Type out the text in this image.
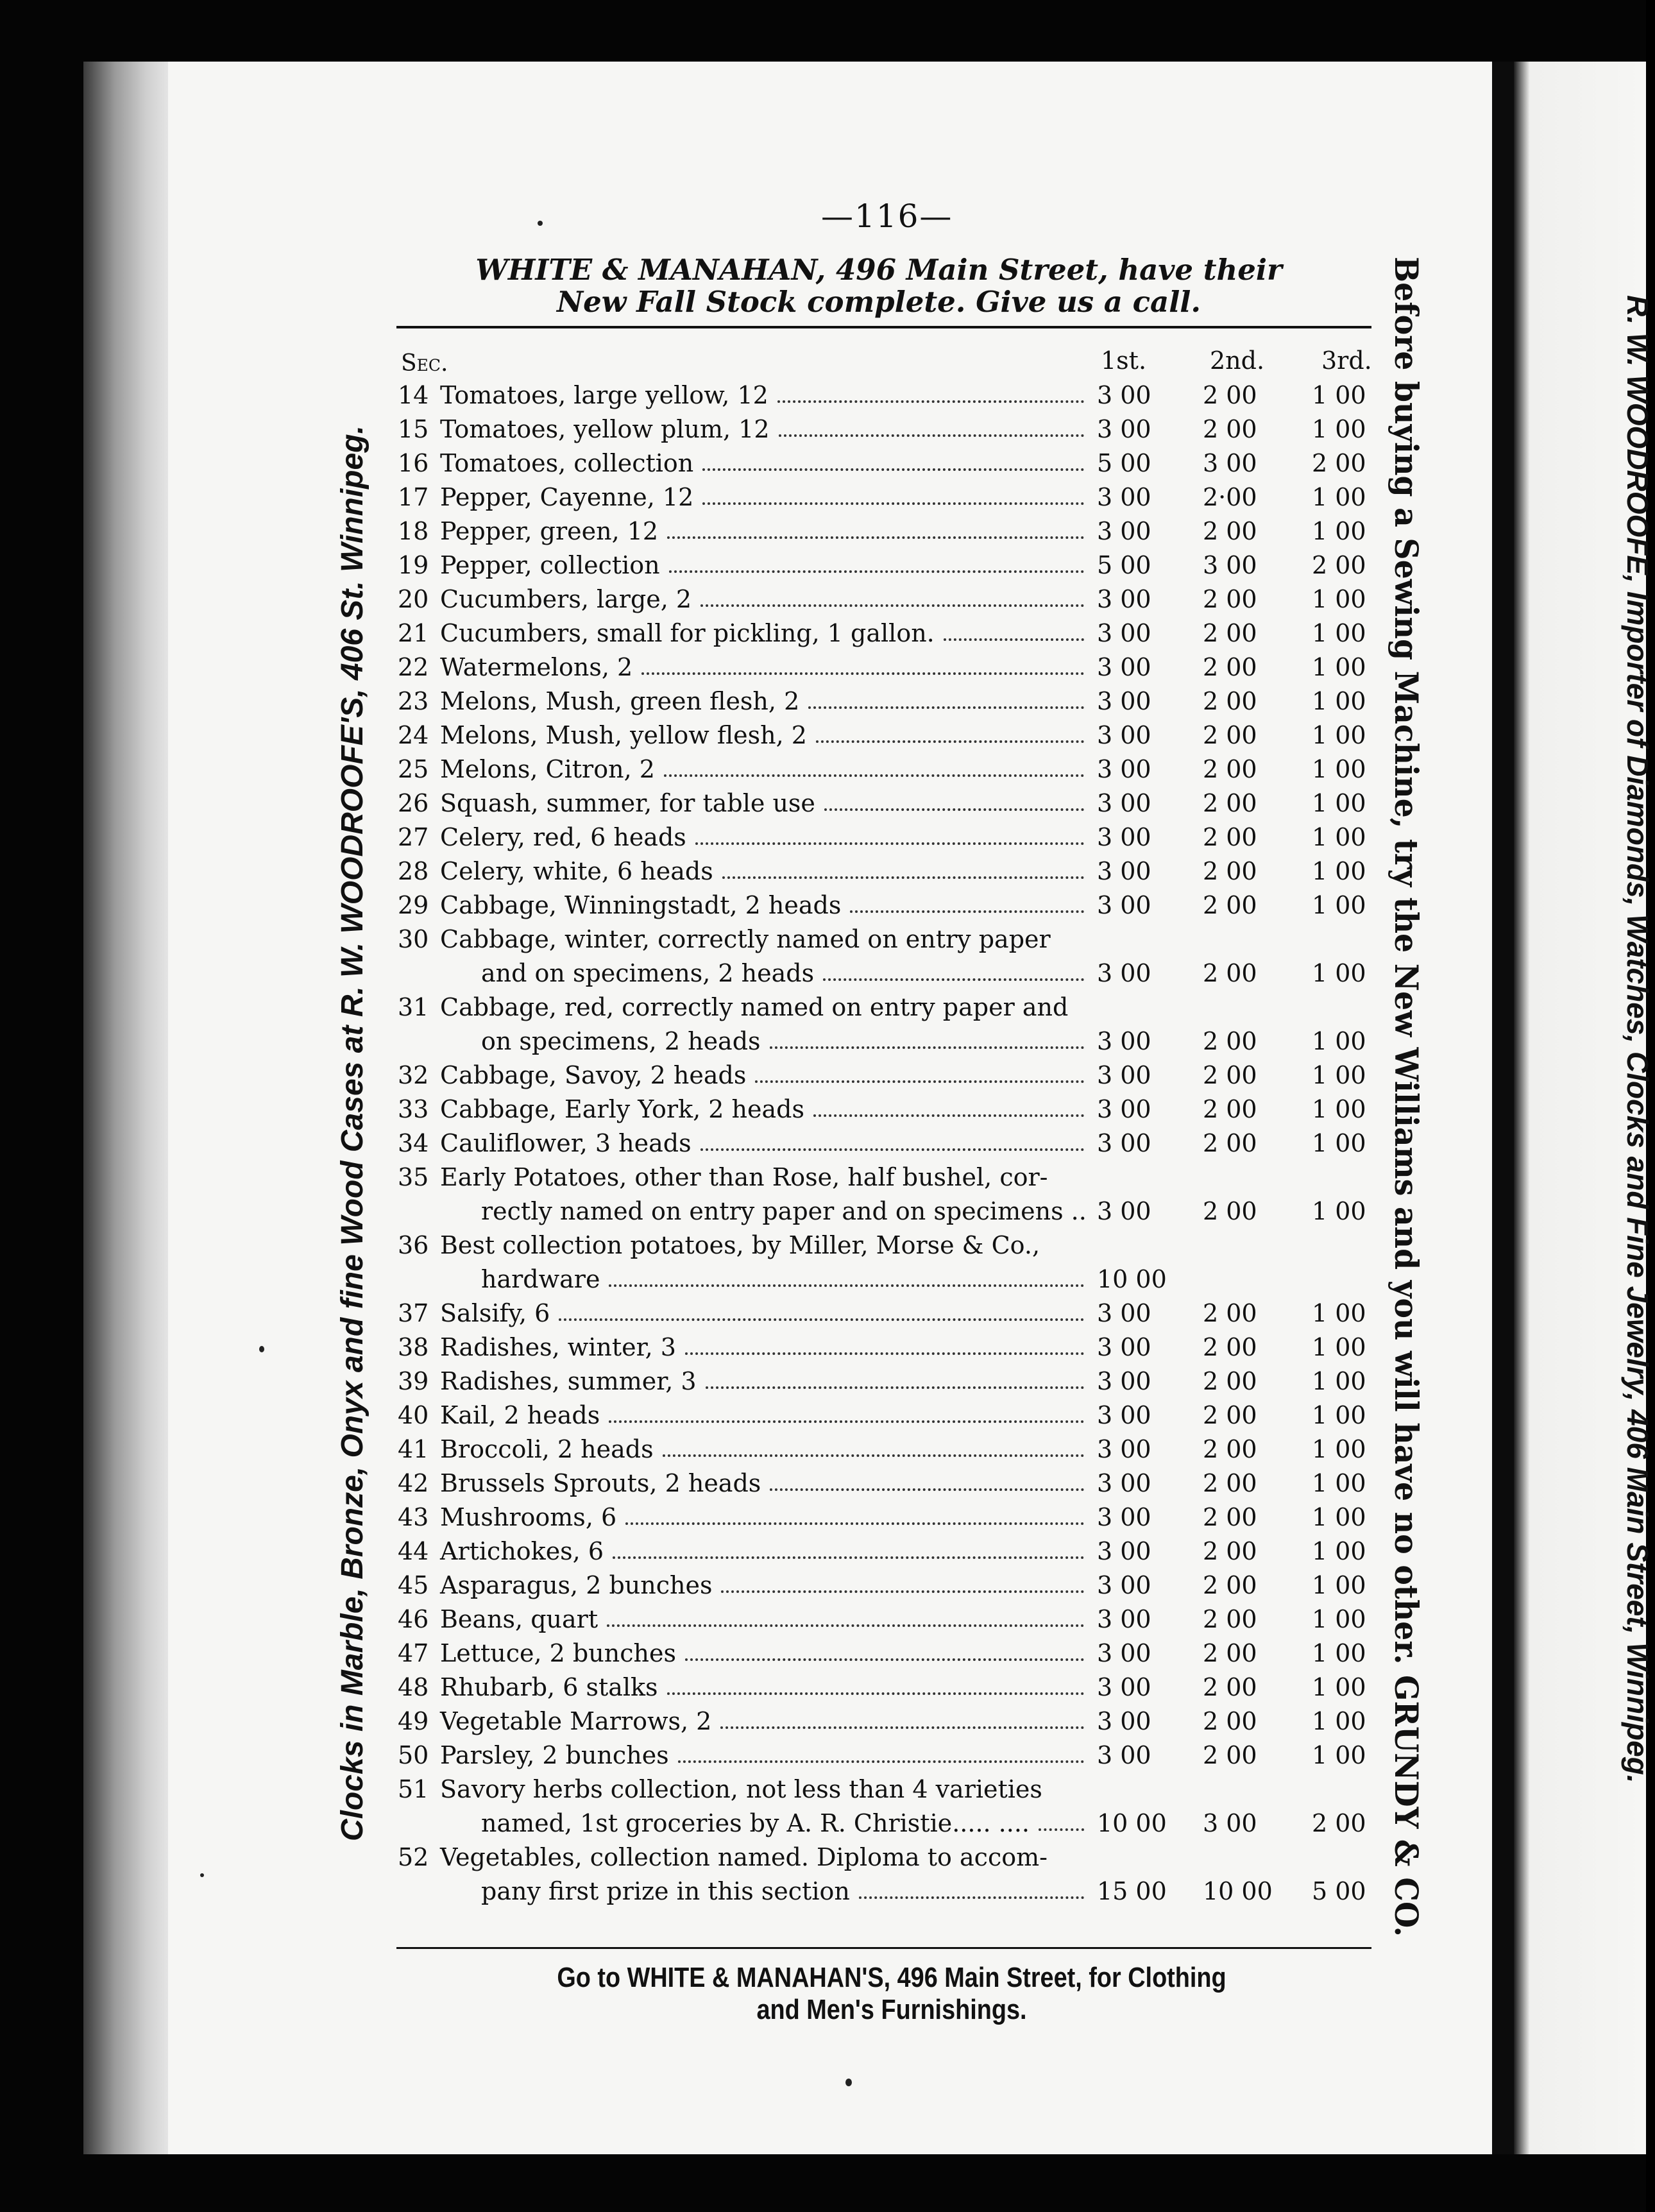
—116—
WHITE & MANAHAN, 496 Main Street, have their
New Fall Stock complete. Give us a call.
Sec.	1st.	2nd. 3rd.
14 Tomatoes, large yellow, 12	3 00	2 00	1 00
15 Tomatoes, yellow plum, 12	3 00	2 00	1 00
16 Tomatoes, collection	5 00	3 00	2 00
17 Pepper, Cayenne, 12	3 00	2·00	1 00
18 Pepper, green, 12	3 00	2 00	1 00
19 Pepper, collection	5 00	3 00	2 00
20 Cucumbers, large, 2	3 00	2 00	1 00
21 Cucumbers, small for pickling, 1 gallon.	3 00	2 00	1 00
22 Watermelons, 2	3 00	2 00	1 00
23 Melons, Mush, green flesh, 2	3 00	2 00	1 00
24 Melons, Mush, yellow flesh, 2	3 00	2 00	1 00
25 Melons, Citron, 2	3 00	2 00	1 00
26 Squash, summer, for table use	3 00	2 00	1 00
27 Celery, red, 6 heads	3 00	2 00	1 00
28 Celery, white, 6 heads	3 00	2 00	1 00
29 Cabbage, Winningstadt, 2 heads	3 00	2 00	1 00
30 Cabbage, winter, correctly named on entry paper
and on specimens, 2 heads	3 00	2 00	1 00
31 Cabbage, red, correctly named on entry paper and
on specimens, 2 heads	3 00	2 00	1 00
32 Cabbage, Savoy, 2 heads	3 00	2 00	1 00
33 Cabbage, Early York, 2 heads	3 00	2 00	1 00
34 Cauliflower, 3 heads	3 00	2 00	1 00
35 Early Potatoes, other than Rose, half bushel, cor-
rectly named on entry paper and on specimens .. 3 00	2 00	1 00
36 Best collection potatoes, by Miller, Morse & Co.,
hardware	10 00
37 Salsify, 6	3 00	2 00	1 00
38 Radishes, winter, 3	3 00	2 00	1 00
39 Radishes, summer, 3	3 00	2 00	1 00
40 Kail, 2 heads	3 00	2 00	1 00
41 Broccoli, 2 heads	3 00	2 00	1 00
42 Brussels Sprouts, 2 heads	3 00	2 00	1 00
43 Mushrooms, 6	3 00	2 00	1 00
44 Artichokes, 6	3 00	2 00	1 00
45 Asparagus, 2 bunches	3 00	2 00	1 00
46 Beans, quart	3 00	2 00	1 00
47 Lettuce, 2 bunches	3 00	2 00	1 00
48 Rhubarb, 6 stalks	3 00	2 00	1 00
49 Vegetable Marrows, 2	3 00	2 00	1 00
50 Parsley, 2 bunches	3 00	2 00	1 00
51 Savory herbs collection, not less than 4 varieties
named, 1st groceries by A. R. Christie..... ....	10 00	3 00	2 00
52 Vegetables, collection named. Diploma to accom-
pany first prize in this section	15 00	10 00	5 00
Go to WHITE & MANAHAN'S, 496 Main Street, for Clothing
and Men's Furnishings.
Clocks in Marble, Bronze, Onyx and fine Wood Cases at R. W. WOODROOFE'S, 406 St. Winnipeg.	Before buying a Sewing Machine, try the New Williams and you will have no other. GRUNDY & CO.	R. W. WOODROOFE, Importer of Diamonds, Watches, Clocks and Fine Jewelry, 406 Main Street, Winnipeg.
